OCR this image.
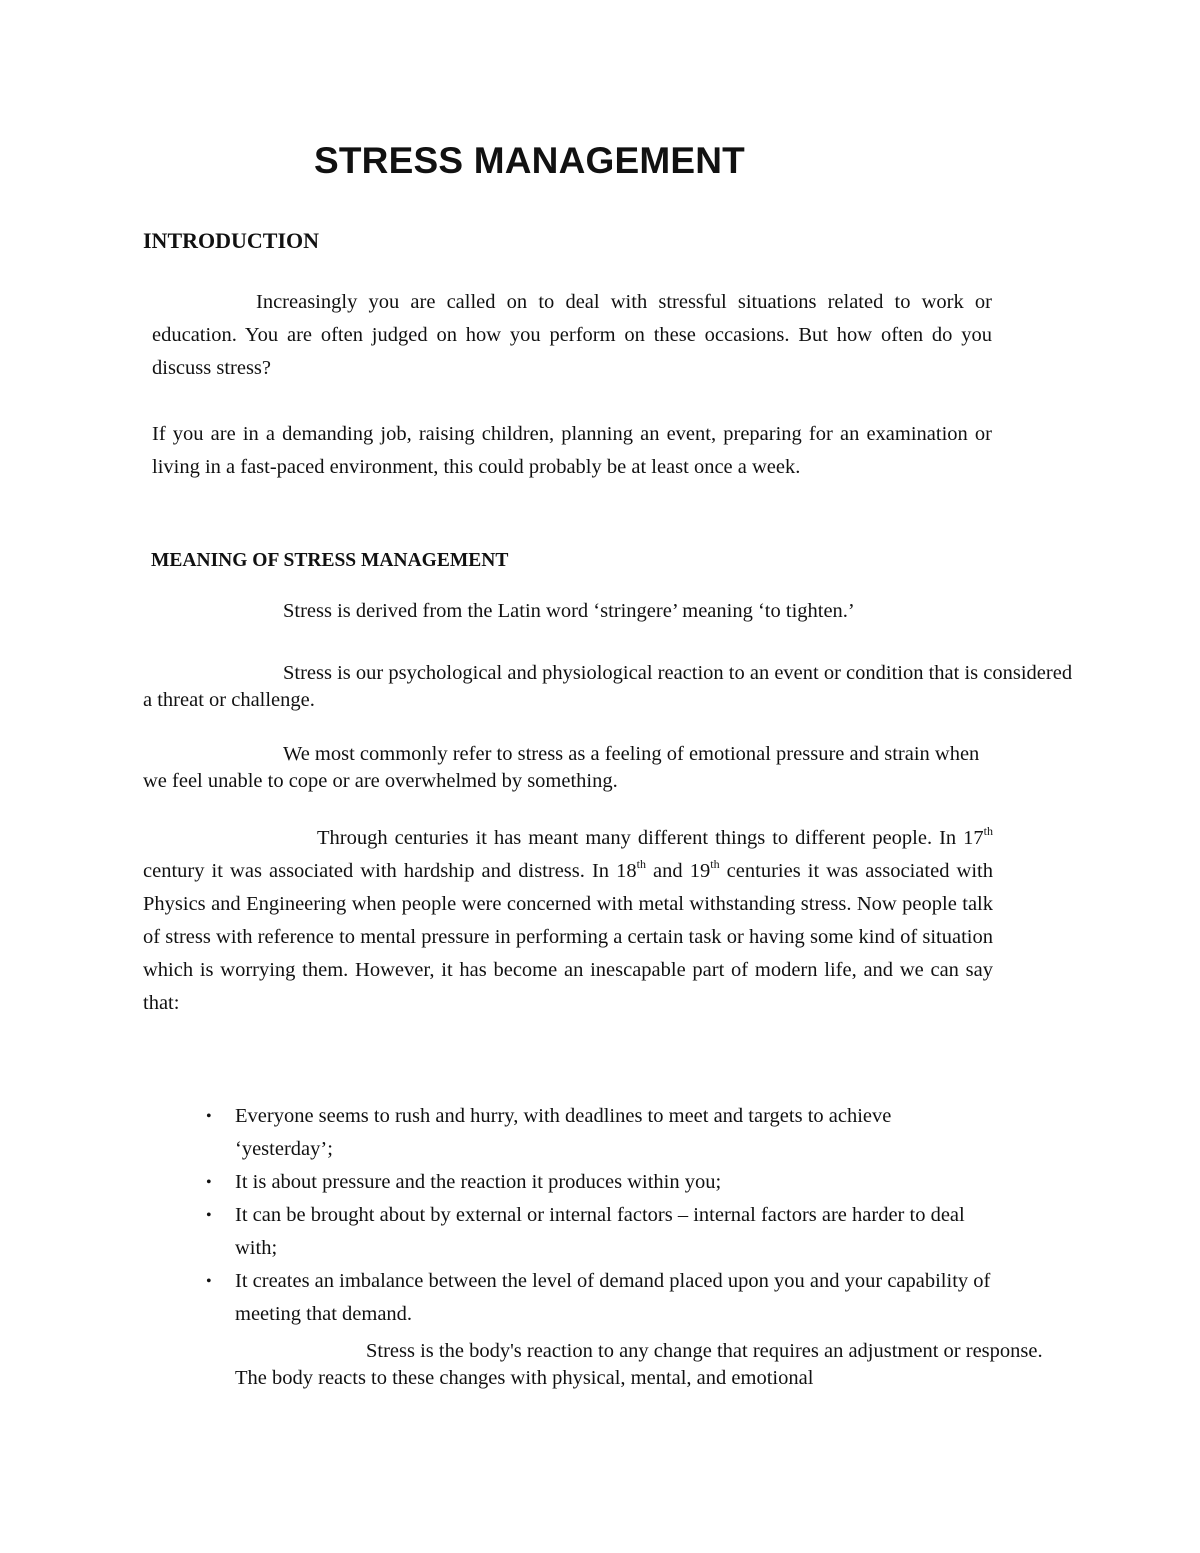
STRESS MANAGEMENT
INTRODUCTION

Increasingly you are called on to deal with stressful situations related to work or education. You are often judged on how you perform on these occasions. But how often do you discuss stress?

If you are in a demanding job, raising children, planning an event, preparing for an examination or living in a fast-paced environment, this could probably be at least once a week.

MEANING OF STRESS MANAGEMENT

Stress is derived from the Latin word ‘stringere’ meaning ‘to tighten.’

Stress is our psychological and physiological reaction to an event or condition that is considered a threat or challenge.

We most commonly refer to stress as a feeling of emotional pressure and strain when we feel unable to cope or are overwhelmed by something.

Through centuries it has meant many different things to different people. In 17th century it was associated with hardship and distress. In 18th and 19th centuries it was associated with Physics and Engineering when people were concerned with metal withstanding stress. Now people talk of stress with reference to mental pressure in performing a certain task or having some kind of situation which is worrying them. However, it has become an inescapable part of modern life, and we can say that:

• Everyone seems to rush and hurry, with deadlines to meet and targets to achieve ‘yesterday’;
• It is about pressure and the reaction it produces within you;
• It can be brought about by external or internal factors – internal factors are harder to deal with;
• It creates an imbalance between the level of demand placed upon you and your capability of meeting that demand.

Stress is the body's reaction to any change that requires an adjustment or response. The body reacts to these changes with physical, mental, and emotional
